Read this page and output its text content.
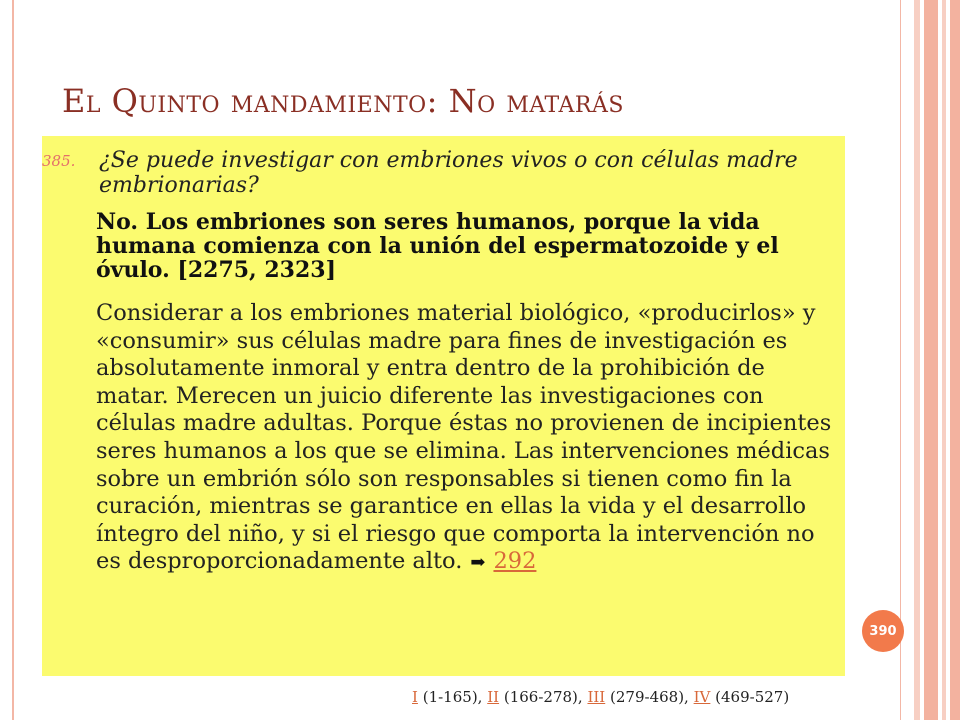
El Quinto mandamiento: No matarás
385. ¿Se puede investigar con embriones vivos o con células madre embrionarias?
No. Los embriones son seres humanos, porque la vida humana comienza con la unión del espermatozoide y el óvulo. [2275, 2323]
Considerar a los embriones material biológico, «producirlos» y «consumir» sus células madre para fines de investigación es absolutamente inmoral y entra dentro de la prohibición de matar. Merecen un juicio diferente las investigaciones con células madre adultas. Porque éstas no provienen de incipientes seres humanos a los que se elimina. Las intervenciones médicas sobre un embrión sólo son responsables si tienen como fin la curación, mientras se garantice en ellas la vida y el desarrollo íntegro del niño, y si el riesgo que comporta la intervención no es desproporcionadamente alto. ➡ 292
390
I (1-165), II (166-278), III (279-468), IV (469-527)
